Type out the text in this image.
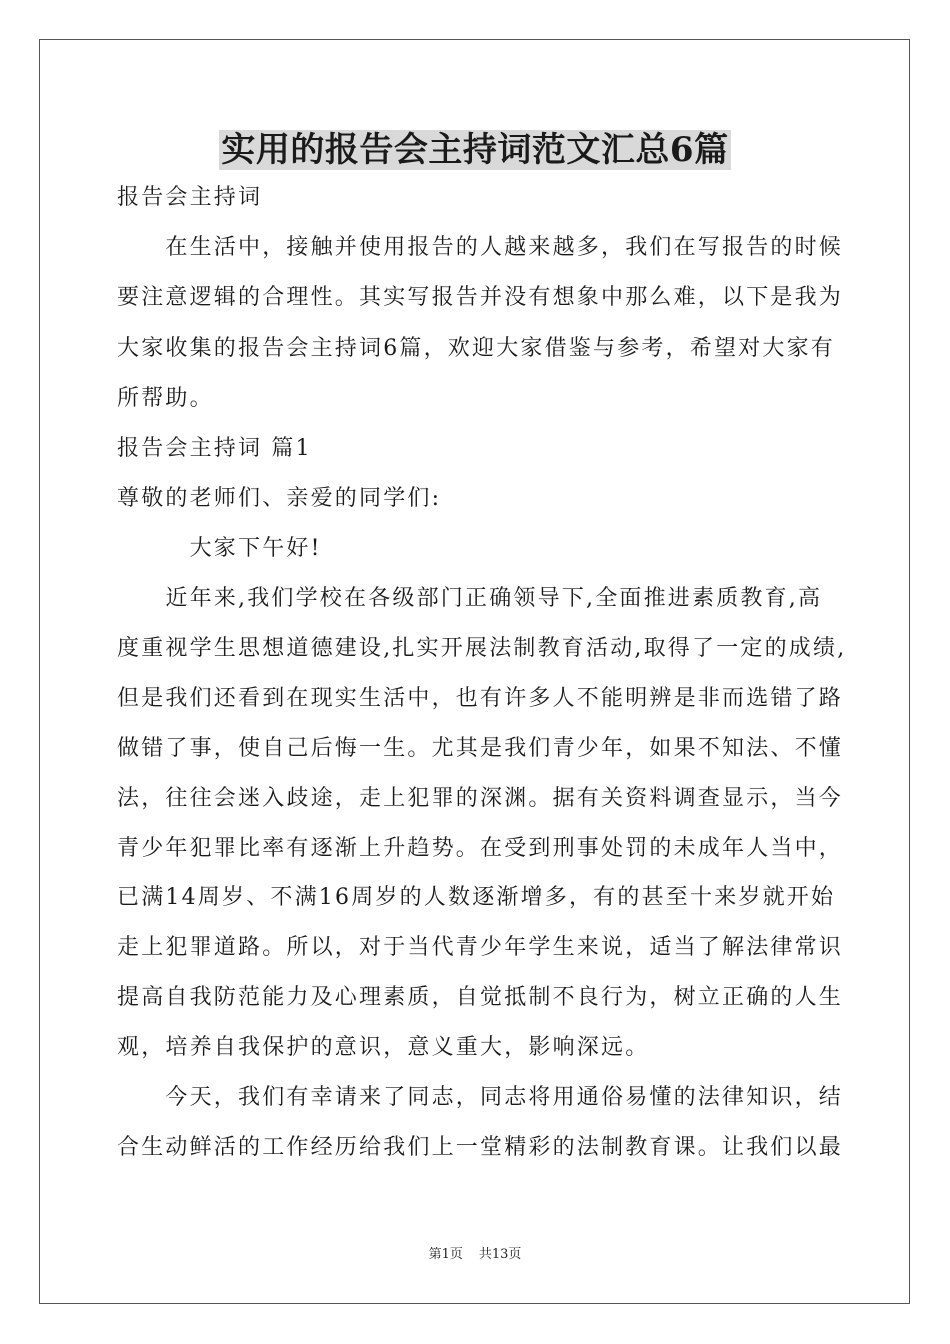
实用的报告会主持词范文汇总6篇
报告会主持词
　　在生活中，接触并使用报告的人越来越多，我们在写报告的时候
要注意逻辑的合理性。其实写报告并没有想象中那么难，以下是我为
大家收集的报告会主持词6篇，欢迎大家借鉴与参考，希望对大家有
所帮助。
报告会主持词 篇1
尊敬的老师们、亲爱的同学们:
　　　大家下午好!
　　近年来,我们学校在各级部门正确领导下,全面推进素质教育,高
度重视学生思想道德建设,扎实开展法制教育活动,取得了一定的成绩,
但是我们还看到在现实生活中，也有许多人不能明辨是非而选错了路
做错了事，使自己后悔一生。尤其是我们青少年，如果不知法、不懂
法，往往会迷入歧途，走上犯罪的深渊。据有关资料调查显示，当今
青少年犯罪比率有逐渐上升趋势。在受到刑事处罚的未成年人当中，
已满14周岁、不满16周岁的人数逐渐增多，有的甚至十来岁就开始
走上犯罪道路。所以，对于当代青少年学生来说，适当了解法律常识
提高自我防范能力及心理素质，自觉抵制不良行为，树立正确的人生
观，培养自我保护的意识，意义重大，影响深远。
　　今天，我们有幸请来了同志，同志将用通俗易懂的法律知识，结
合生动鲜活的工作经历给我们上一堂精彩的法制教育课。让我们以最
第1页 共13页
